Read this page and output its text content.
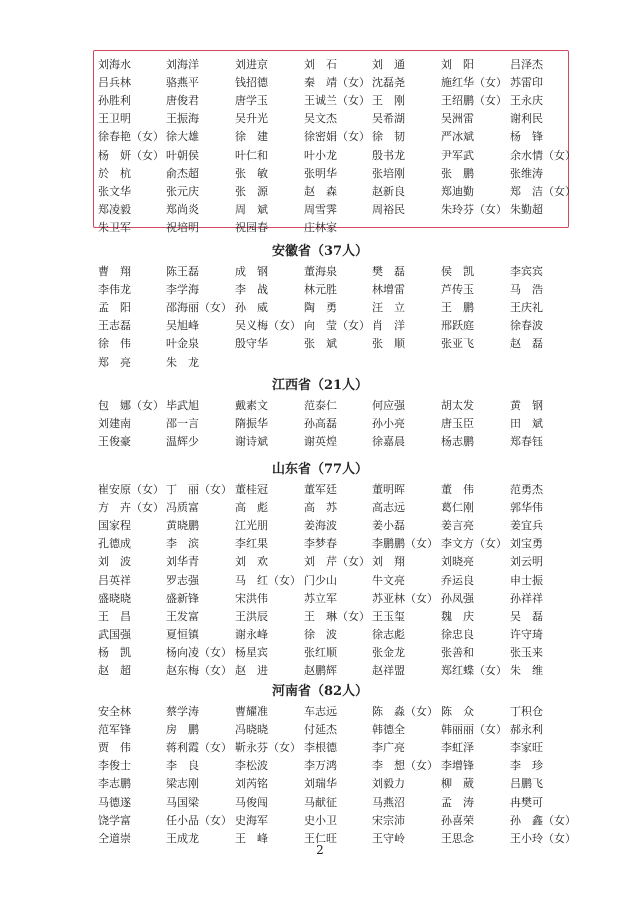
刘海水	刘海洋	刘进京	刘　石	刘　通	刘　阳	吕泽杰
吕兵林	骆燕平	钱招德	秦　靖（女） 沈磊尧	施红华（女） 苏雷印
孙胜利	唐俊君	唐学玉	王诚兰（女） 王　刚	王绍鹏（女） 王永庆
王卫明	王振海	吴升光	吴文杰	吴希湖	吴洲雷	谢利民
徐春艳（女） 徐大雄	徐　建	徐密娟（女） 徐　韧	严冰斌	杨　锋
杨　妍（女） 叶朝侯	叶仁和	叶小龙	殷书龙	尹军武	余水情（女）
於　杭	俞杰超	张　敏	张明华	张培刚	张　鹏	张维涛
张文华	张元庆	张　源	赵　森	赵新良	郑迪勤	郑　洁（女）
郑凌毅	郑尚炎	周　斌	周雪霁	周裕民	朱玲芬（女） 朱勤超
朱卫军	祝培明	祝园春	庄林家
安徽省（37人）
曹　翔	陈王磊	成　钢	董海泉	樊　磊	侯　凯	李宾宾
李伟龙	李学海	李　战	林元胜	林增雷	芦传玉	马　浩
孟　阳	邵海丽（女） 孙　威	陶　勇	汪　立	王　鹏	王庆礼
王志磊	吴旭峰	吴义梅（女） 向　莹（女） 肖　洋	邢跃庭	徐春波
徐　伟	叶金泉	殷守华	张　斌	张　顺	张亚飞	赵　磊
郑　亮	朱　龙
江西省（21人）
包　娜（女） 毕武旭	戴素文	范泰仁	何应强	胡太发	黄　钢
刘建南	邵一言	隋振华	孙高磊	孙小亮	唐玉臣	田　斌
王俊豪	温辉少	谢诗斌	谢英煌	徐嘉晨	杨志鹏	郑春钰
山东省（77人）
崔安原（女） 丁　丽（女） 董桂冠	董军廷	董明晖	董　伟	范勇杰
方　卉（女） 冯质富	高　彪	高　苏	高志远	葛仁刚	郭华伟
国家程	黄晓鹏	江光朋	姜海波	姜小磊	姜言亮	姜宜兵
孔德成	李　滨	李红果	李梦春	李鹏鹏（女） 李文方（女） 刘宝勇
刘　波	刘华青	刘　欢	刘　芹（女） 刘　翔	刘晓亮	刘云明
吕英祥	罗志强	马　红（女） 门少山	牛文亮	乔运良	申士振
盛晓晓	盛新锋	宋洪伟	苏立军	苏亚林（女） 孙凤强	孙祥祥
王　昌	王发富	王洪辰	王　琳（女） 王玉玺	魏　庆	吴　磊
武国强	夏恒镇	谢永峰	徐　波	徐志彪	徐忠良	许守琦
杨　凯	杨向凌（女） 杨星宾	张红顺	张金龙	张善和	张玉来
赵　超	赵东梅（女） 赵　进	赵鹏辉	赵祥盟	郑红蝶（女） 朱　维
河南省（82人）
安全林	蔡学涛	曹耀准	车志远	陈　淼（女） 陈　众	丁积仓
范军锋	房　鹏	冯晓晓	付延杰	韩德全	韩丽丽（女） 郝永利
贾　伟	蒋利霞（女） 靳永芬（女） 李根德	李广亮	李虹泽	李家旺
李俊士	李　良	李松波	李万鸿	李　想（女） 李增锋	李　珍
李志鹏	梁志刚	刘芮铭	刘瑞华	刘毅力	柳　葳	吕鹏飞
马德遂	马国梁	马俊闯	马献征	马燕沼	孟　涛	冉樊可
饶学富	任小品（女） 史海军	史小卫	宋宗沛	孙喜荣	孙　鑫（女）
仝道崇	王成龙	王　峰	王仁旺	王守岭	王思念	王小玲（女）
2
